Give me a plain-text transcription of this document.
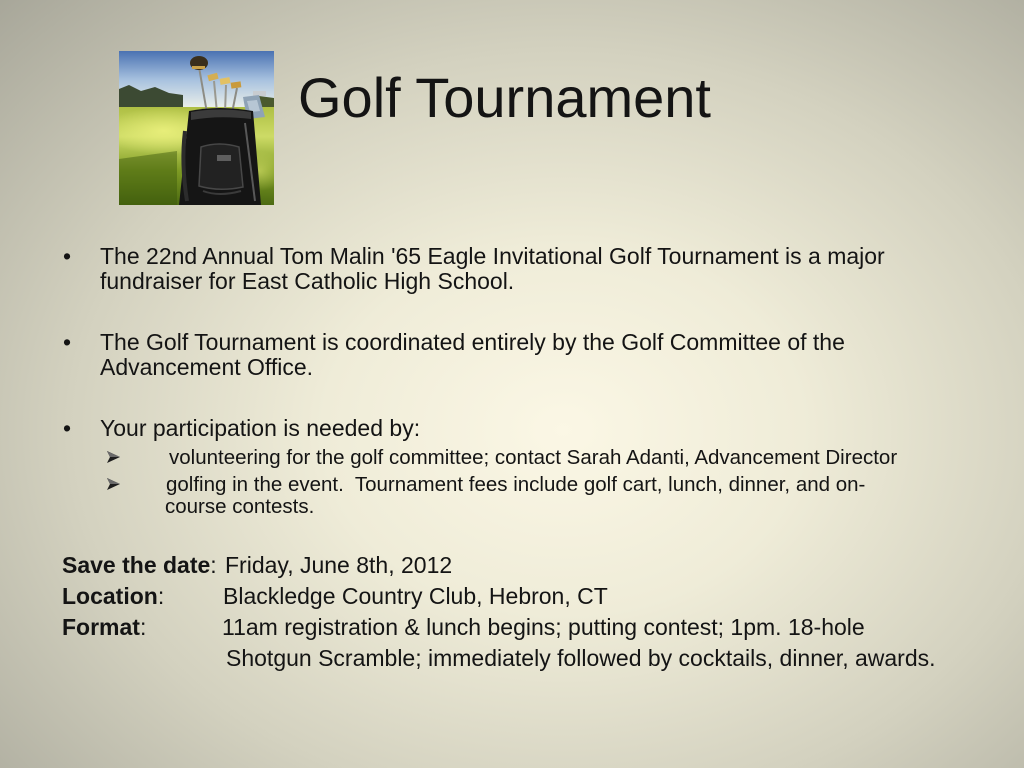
Golf Tournament
• The 22nd Annual Tom Malin '65 Eagle Invitational Golf Tournament is a major
fundraiser for East Catholic High School.
• The Golf Tournament is coordinated entirely by the Golf Committee of the
Advancement Office.
• Your participation is needed by:
volunteering for the golf committee; contact Sarah Adanti, Advancement Director
golfing in the event.  Tournament fees include golf cart, lunch, dinner, and on-
course contests.
Save the date: Friday, June 8th, 2012
Location:	Blackledge Country Club, Hebron, CT
Format:	11am registration & lunch begins; putting contest; 1pm. 18-hole
Shotgun Scramble; immediately followed by cocktails, dinner, awards.
